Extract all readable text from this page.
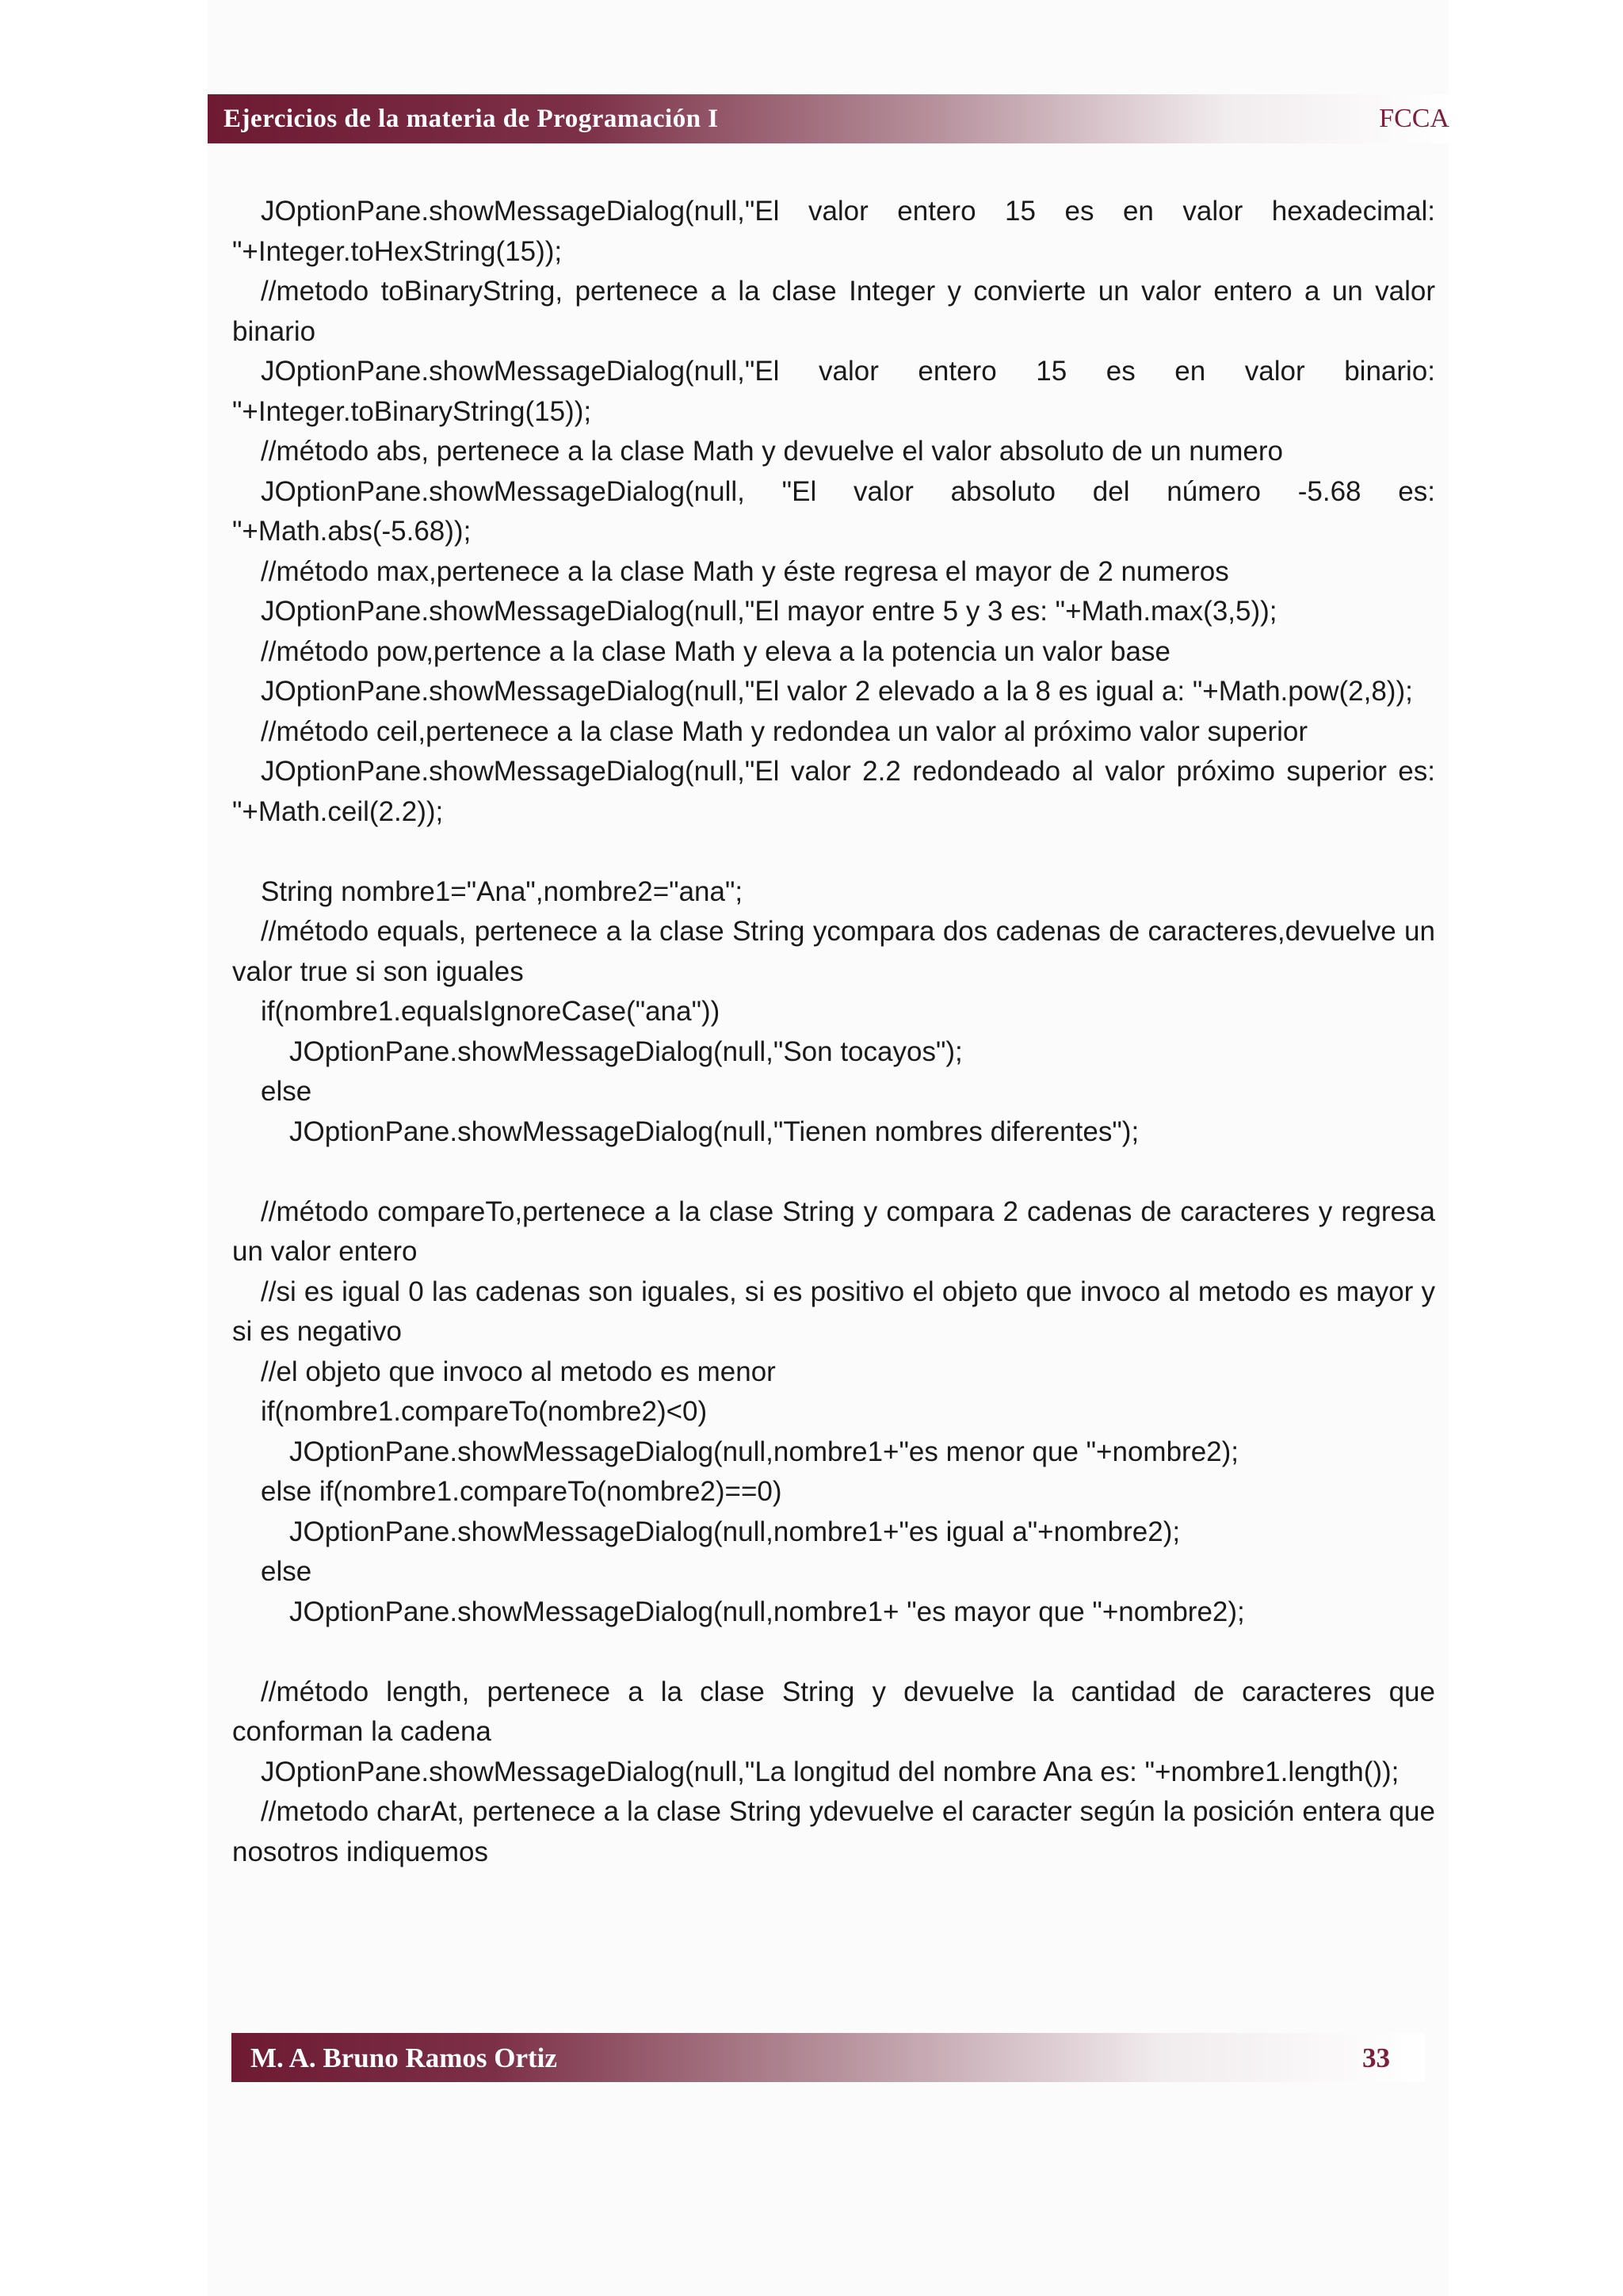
Ejercicios de la materia de Programación I	FCCA
JOptionPane.showMessageDialog(null,"El valor entero 15 es en valor hexadecimal: "+Integer.toHexString(15));
//metodo toBinaryString, pertenece a la clase Integer y convierte un valor entero a un valor binario
JOptionPane.showMessageDialog(null,"El valor entero 15 es en valor binario: "+Integer.toBinaryString(15));
//método abs, pertenece a la clase Math y devuelve el valor absoluto de un numero
JOptionPane.showMessageDialog(null, "El valor absoluto del número -5.68 es: "+Math.abs(-5.68));
//método max,pertenece a la clase Math y éste regresa el mayor de 2 numeros
JOptionPane.showMessageDialog(null,"El mayor entre 5 y 3 es: "+Math.max(3,5));
//método pow,pertence a la clase Math y eleva a la potencia un valor base
JOptionPane.showMessageDialog(null,"El valor 2 elevado a la 8 es igual a: "+Math.pow(2,8));
//método ceil,pertenece a la clase Math y redondea un valor al próximo valor superior
JOptionPane.showMessageDialog(null,"El valor 2.2 redondeado al valor próximo superior es: "+Math.ceil(2.2));
String nombre1="Ana",nombre2="ana";
//método equals, pertenece a la clase String ycompara dos cadenas de caracteres,devuelve un valor true si son iguales
if(nombre1.equalsIgnoreCase("ana"))
JOptionPane.showMessageDialog(null,"Son tocayos");
else
JOptionPane.showMessageDialog(null,"Tienen nombres diferentes");
//método compareTo,pertenece a la clase String y compara 2 cadenas de caracteres y regresa un valor entero
//si es igual 0 las cadenas son iguales, si es positivo el objeto que invoco al metodo es mayor y si es negativo
//el objeto que invoco al metodo es menor
if(nombre1.compareTo(nombre2)<0)
JOptionPane.showMessageDialog(null,nombre1+"es menor que "+nombre2);
else if(nombre1.compareTo(nombre2)==0)
JOptionPane.showMessageDialog(null,nombre1+"es igual a"+nombre2);
else
JOptionPane.showMessageDialog(null,nombre1+ "es mayor que "+nombre2);
//método length, pertenece a la clase String y devuelve la cantidad de caracteres que conforman la cadena
JOptionPane.showMessageDialog(null,"La longitud del nombre Ana es: "+nombre1.length());
//metodo charAt, pertenece a la clase String ydevuelve el caracter según la posición entera que nosotros indiquemos
M. A. Bruno Ramos Ortiz	33
